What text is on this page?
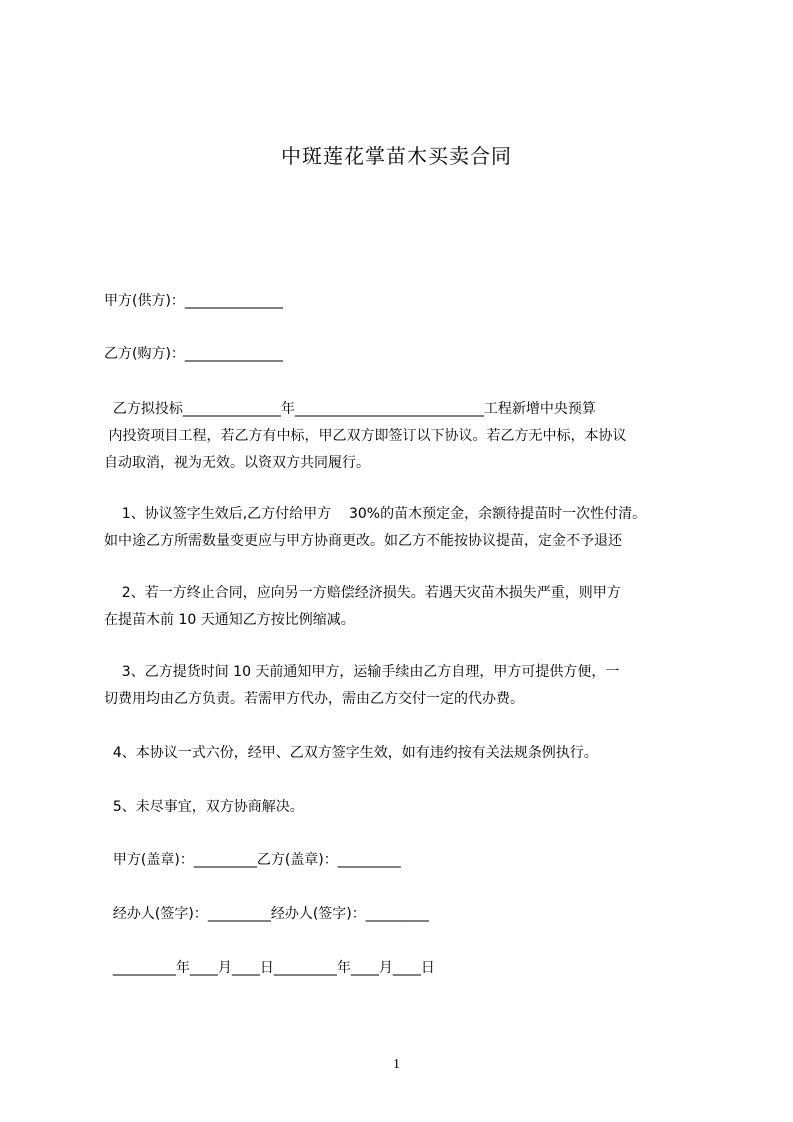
中斑莲花掌苗木买卖合同
甲方(供方)：______________
乙方(购方)：______________
乙方拟投标______________年___________________________工程新增中央预算
内投资项目工程，若乙方有中标，甲乙双方即签订以下协议。若乙方无中标，本协议
自动取消，视为无效。以资双方共同履行。
1、协议签字生效后,乙方付给甲方    30%的苗木预定金，余额待提苗时一次性付清。
如中途乙方所需数量变更应与甲方协商更改。如乙方不能按协议提苗，定金不予退还
2、若一方终止合同，应向另一方赔偿经济损失。若遇天灾苗木损失严重，则甲方
在提苗木前 10 天通知乙方按比例缩减。
3、乙方提货时间 10 天前通知甲方，运输手续由乙方自理，甲方可提供方便，一
切费用均由乙方负责。若需甲方代办，需由乙方交付一定的代办费。
4、本协议一式六份，经甲、乙双方签字生效，如有违约按有关法规条例执行。
5、未尽事宜，双方协商解决。
甲方(盖章)：_________乙方(盖章)：_________
经办人(签字)：_________经办人(签字)：_________
_________年____月____日_________年____月____日
1
